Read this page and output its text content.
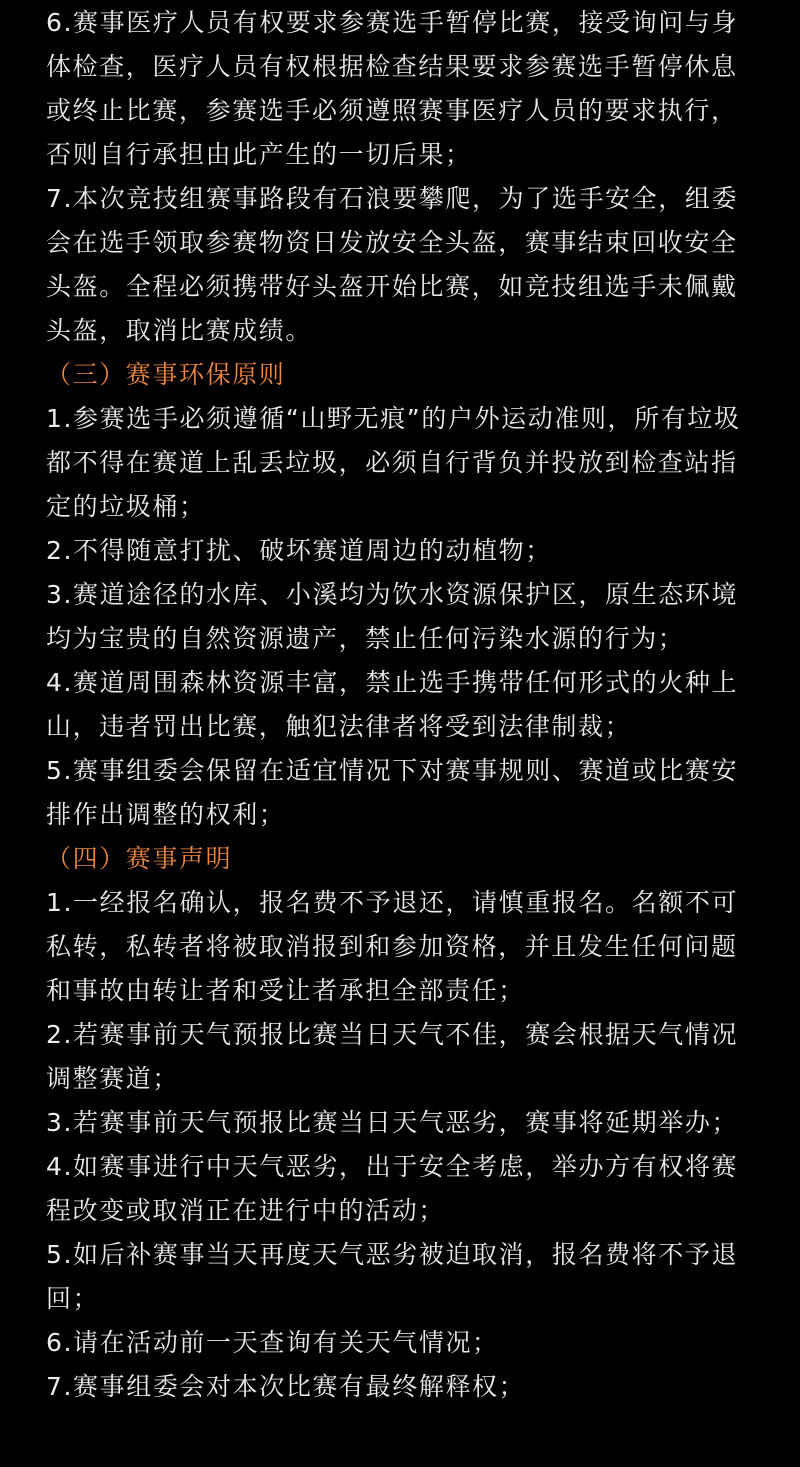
6.赛事医疗人员有权要求参赛选手暂停比赛，接受询问与身体检查，医疗人员有权根据检查结果要求参赛选手暂停休息或终止比赛，参赛选手必须遵照赛事医疗人员的要求执行，否则自行承担由此产生的一切后果；

7.本次竞技组赛事路段有石浪要攀爬，为了选手安全，组委会在选手领取参赛物资日发放安全头盔，赛事结束回收安全头盔。全程必须携带好头盔开始比赛，如竞技组选手未佩戴头盔，取消比赛成绩。

（三）赛事环保原则

1.参赛选手必须遵循“山野无痕”的户外运动准则，所有垃圾都不得在赛道上乱丢垃圾，必须自行背负并投放到检查站指定的垃圾桶；

2.不得随意打扰、破坏赛道周边的动植物；

3.赛道途径的水库、小溪均为饮水资源保护区，原生态环境均为宝贵的自然资源遗产，禁止任何污染水源的行为；

4.赛道周围森林资源丰富，禁止选手携带任何形式的火种上山，违者罚出比赛，触犯法律者将受到法律制裁；

5.赛事组委会保留在适宜情况下对赛事规则、赛道或比赛安排作出调整的权利；

（四）赛事声明

1.一经报名确认，报名费不予退还，请慎重报名。名额不可私转，私转者将被取消报到和参加资格，并且发生任何问题和事故由转让者和受让者承担全部责任；

2.若赛事前天气预报比赛当日天气不佳，赛会根据天气情况调整赛道；

3.若赛事前天气预报比赛当日天气恶劣，赛事将延期举办；

4.如赛事进行中天气恶劣，出于安全考虑，举办方有权将赛程改变或取消正在进行中的活动；

5.如后补赛事当天再度天气恶劣被迫取消，报名费将不予退回；

6.请在活动前一天查询有关天气情况；

7.赛事组委会对本次比赛有最终解释权；
